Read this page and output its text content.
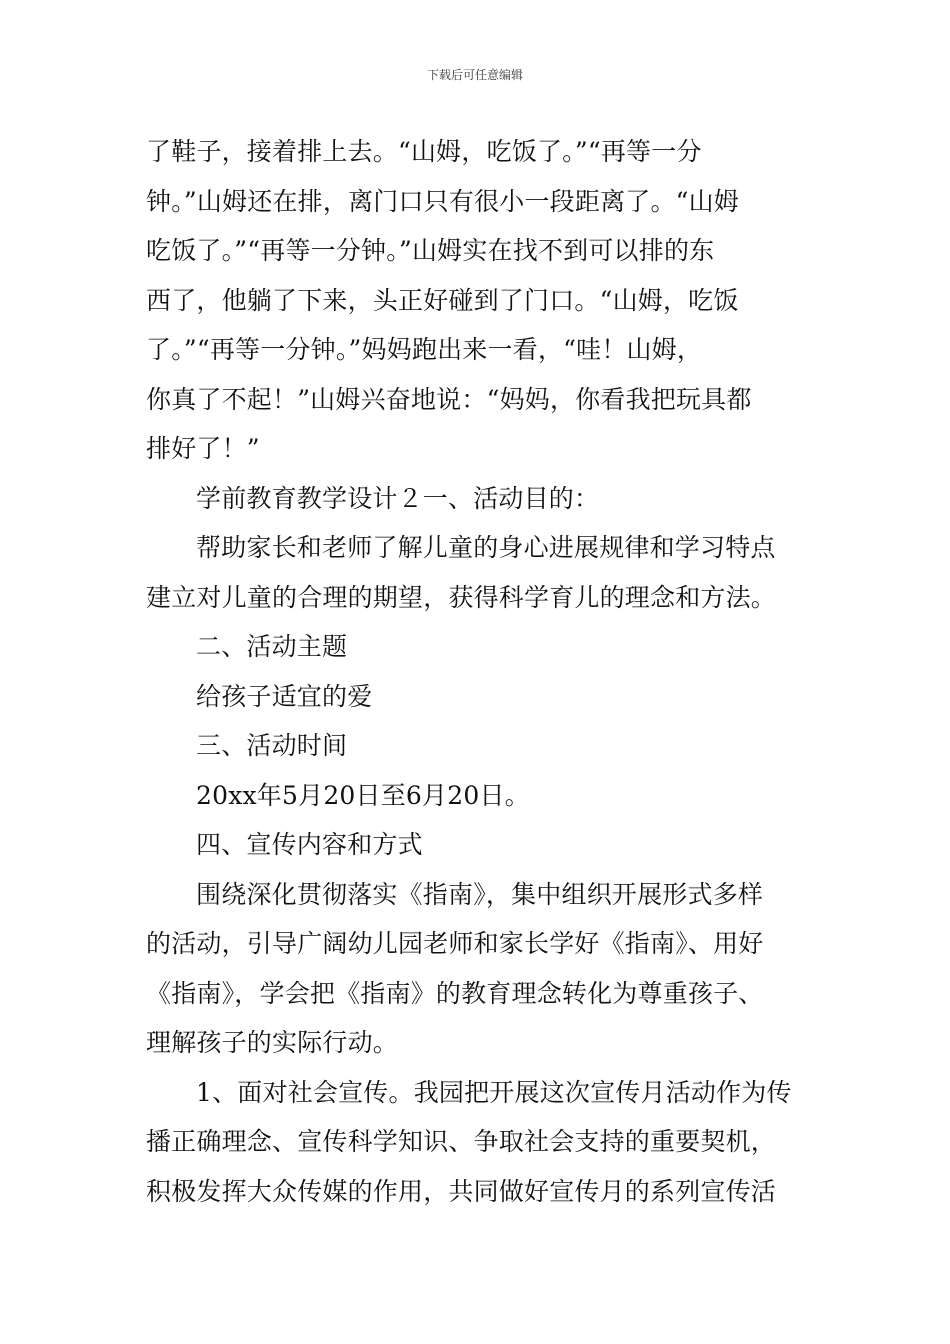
下载后可任意编辑
了鞋子，接着排上去。“山姆，吃饭了。”“再等一分
钟。”山姆还在排，离门口只有很小一段距离了。“山姆
吃饭了。”“再等一分钟。”山姆实在找不到可以排的东
西了，他躺了下来，头正好碰到了门口。“山姆，吃饭
了。”“再等一分钟。”妈妈跑出来一看，“哇！山姆，
你真了不起！”山姆兴奋地说：“妈妈，你看我把玩具都
排好了！”
学前教育教学设计２一、活动目的：
帮助家长和老师了解儿童的身心进展规律和学习特点
建立对儿童的合理的期望，获得科学育儿的理念和方法。
二、活动主题
给孩子适宜的爱
三、活动时间
20xx年5月20日至6月20日。
四、宣传内容和方式
围绕深化贯彻落实《指南》，集中组织开展形式多样
的活动，引导广阔幼儿园老师和家长学好《指南》、用好
《指南》，学会把《指南》的教育理念转化为尊重孩子、
理解孩子的实际行动。
1、面对社会宣传。我园把开展这次宣传月活动作为传
播正确理念、宣传科学知识、争取社会支持的重要契机，
积极发挥大众传媒的作用，共同做好宣传月的系列宣传活
